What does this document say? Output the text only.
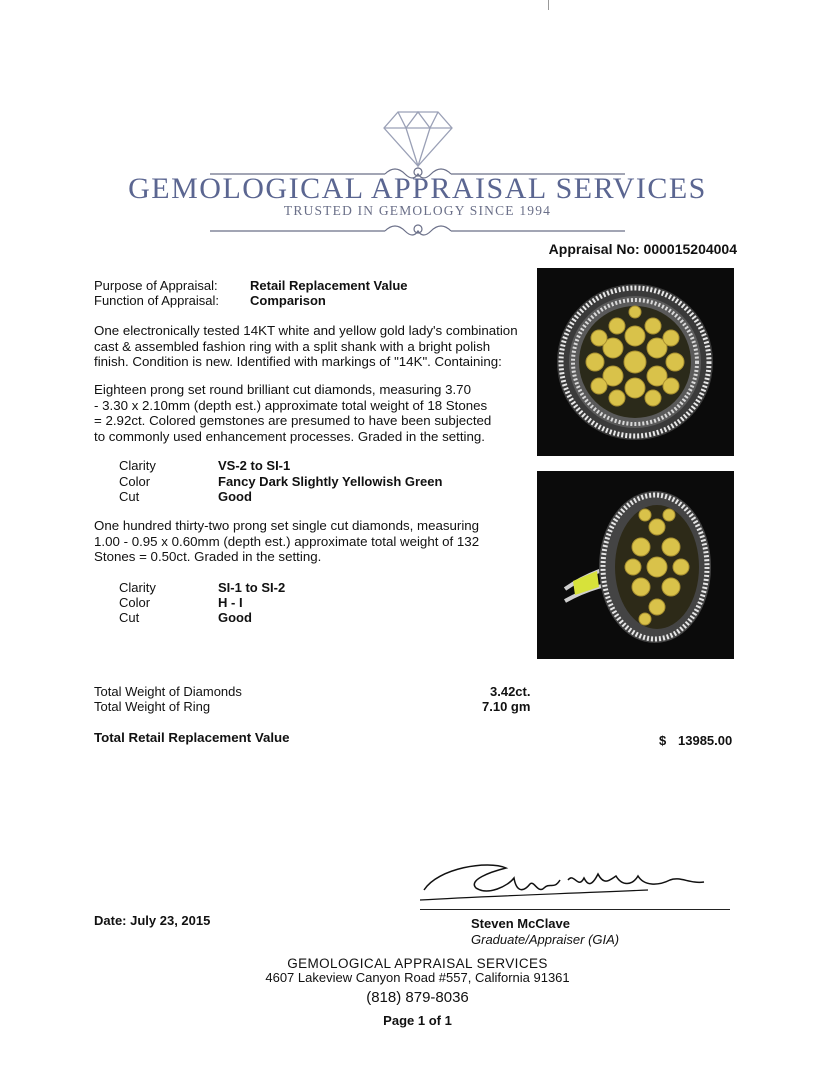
GEMOLOGICAL APPRAISAL SERVICES
TRUSTED IN GEMOLOGY SINCE 1994
Appraisal No: 000015204004
Purpose of Appraisal: Retail Replacement Value
Function of Appraisal: Comparison
One electronically tested 14KT white and yellow gold lady's combination
cast & assembled fashion ring with a split shank with a bright polish
finish. Condition is new. Identified with markings of "14K". Containing:
Eighteen prong set round brilliant cut diamonds, measuring 3.70
- 3.30 x 2.10mm (depth est.) approximate total weight of 18 Stones
= 2.92ct. Colored gemstones are presumed to have been subjected
to commonly used enhancement processes. Graded in the setting.
Clarity	VS-2 to SI-1
Color	Fancy Dark Slightly Yellowish Green
Cut	Good
One hundred thirty-two prong set single cut diamonds, measuring
1.00 - 0.95 x 0.60mm (depth est.) approximate total weight of 132
Stones = 0.50ct. Graded in the setting.
Clarity	SI-1 to SI-2
Color	H - I
Cut	Good
Total Weight of Diamonds	3.42ct.
Total Weight of Ring	7.10 gm
Total Retail Replacement Value	$ 13985.00
Date: July 23, 2015	Steven McClave
Graduate/Appraiser (GIA)
GEMOLOGICAL APPRAISAL SERVICES
4607 Lakeview Canyon Road #557, California 91361
(818) 879-8036
Page 1 of 1
